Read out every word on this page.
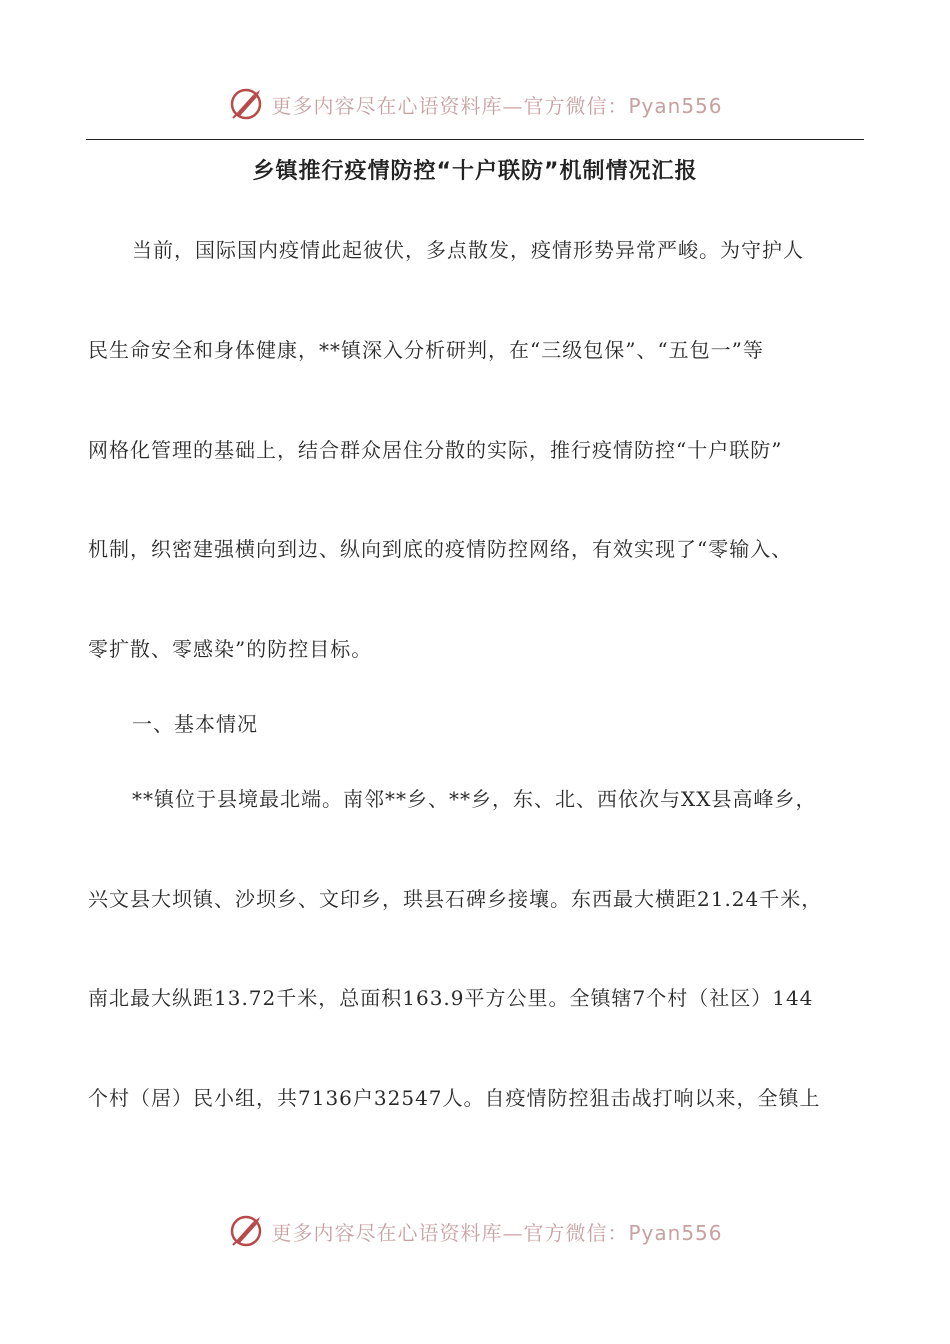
更多内容尽在心语资料库—官方微信：Pyan556
乡镇推行疫情防控“十户联防”机制情况汇报
当前，国际国内疫情此起彼伏，多点散发，疫情形势异常严峻。为守护人
民生命安全和身体健康，**镇深入分析研判，在“三级包保”、“五包一”等
网格化管理的基础上，结合群众居住分散的实际，推行疫情防控“十户联防”
机制，织密建强横向到边、纵向到底的疫情防控网络，有效实现了“零输入、
零扩散、零感染”的防控目标。
一、基本情况
**镇位于县境最北端。南邻**乡、**乡，东、北、西依次与XX县高峰乡，
兴文县大坝镇、沙坝乡、文印乡，珙县石碑乡接壤。东西最大横距21.24千米，
南北最大纵距13.72千米，总面积163.9平方公里。全镇辖7个村（社区）144
个村（居）民小组，共7136户32547人。自疫情防控狙击战打响以来，全镇上
更多内容尽在心语资料库—官方微信：Pyan556
